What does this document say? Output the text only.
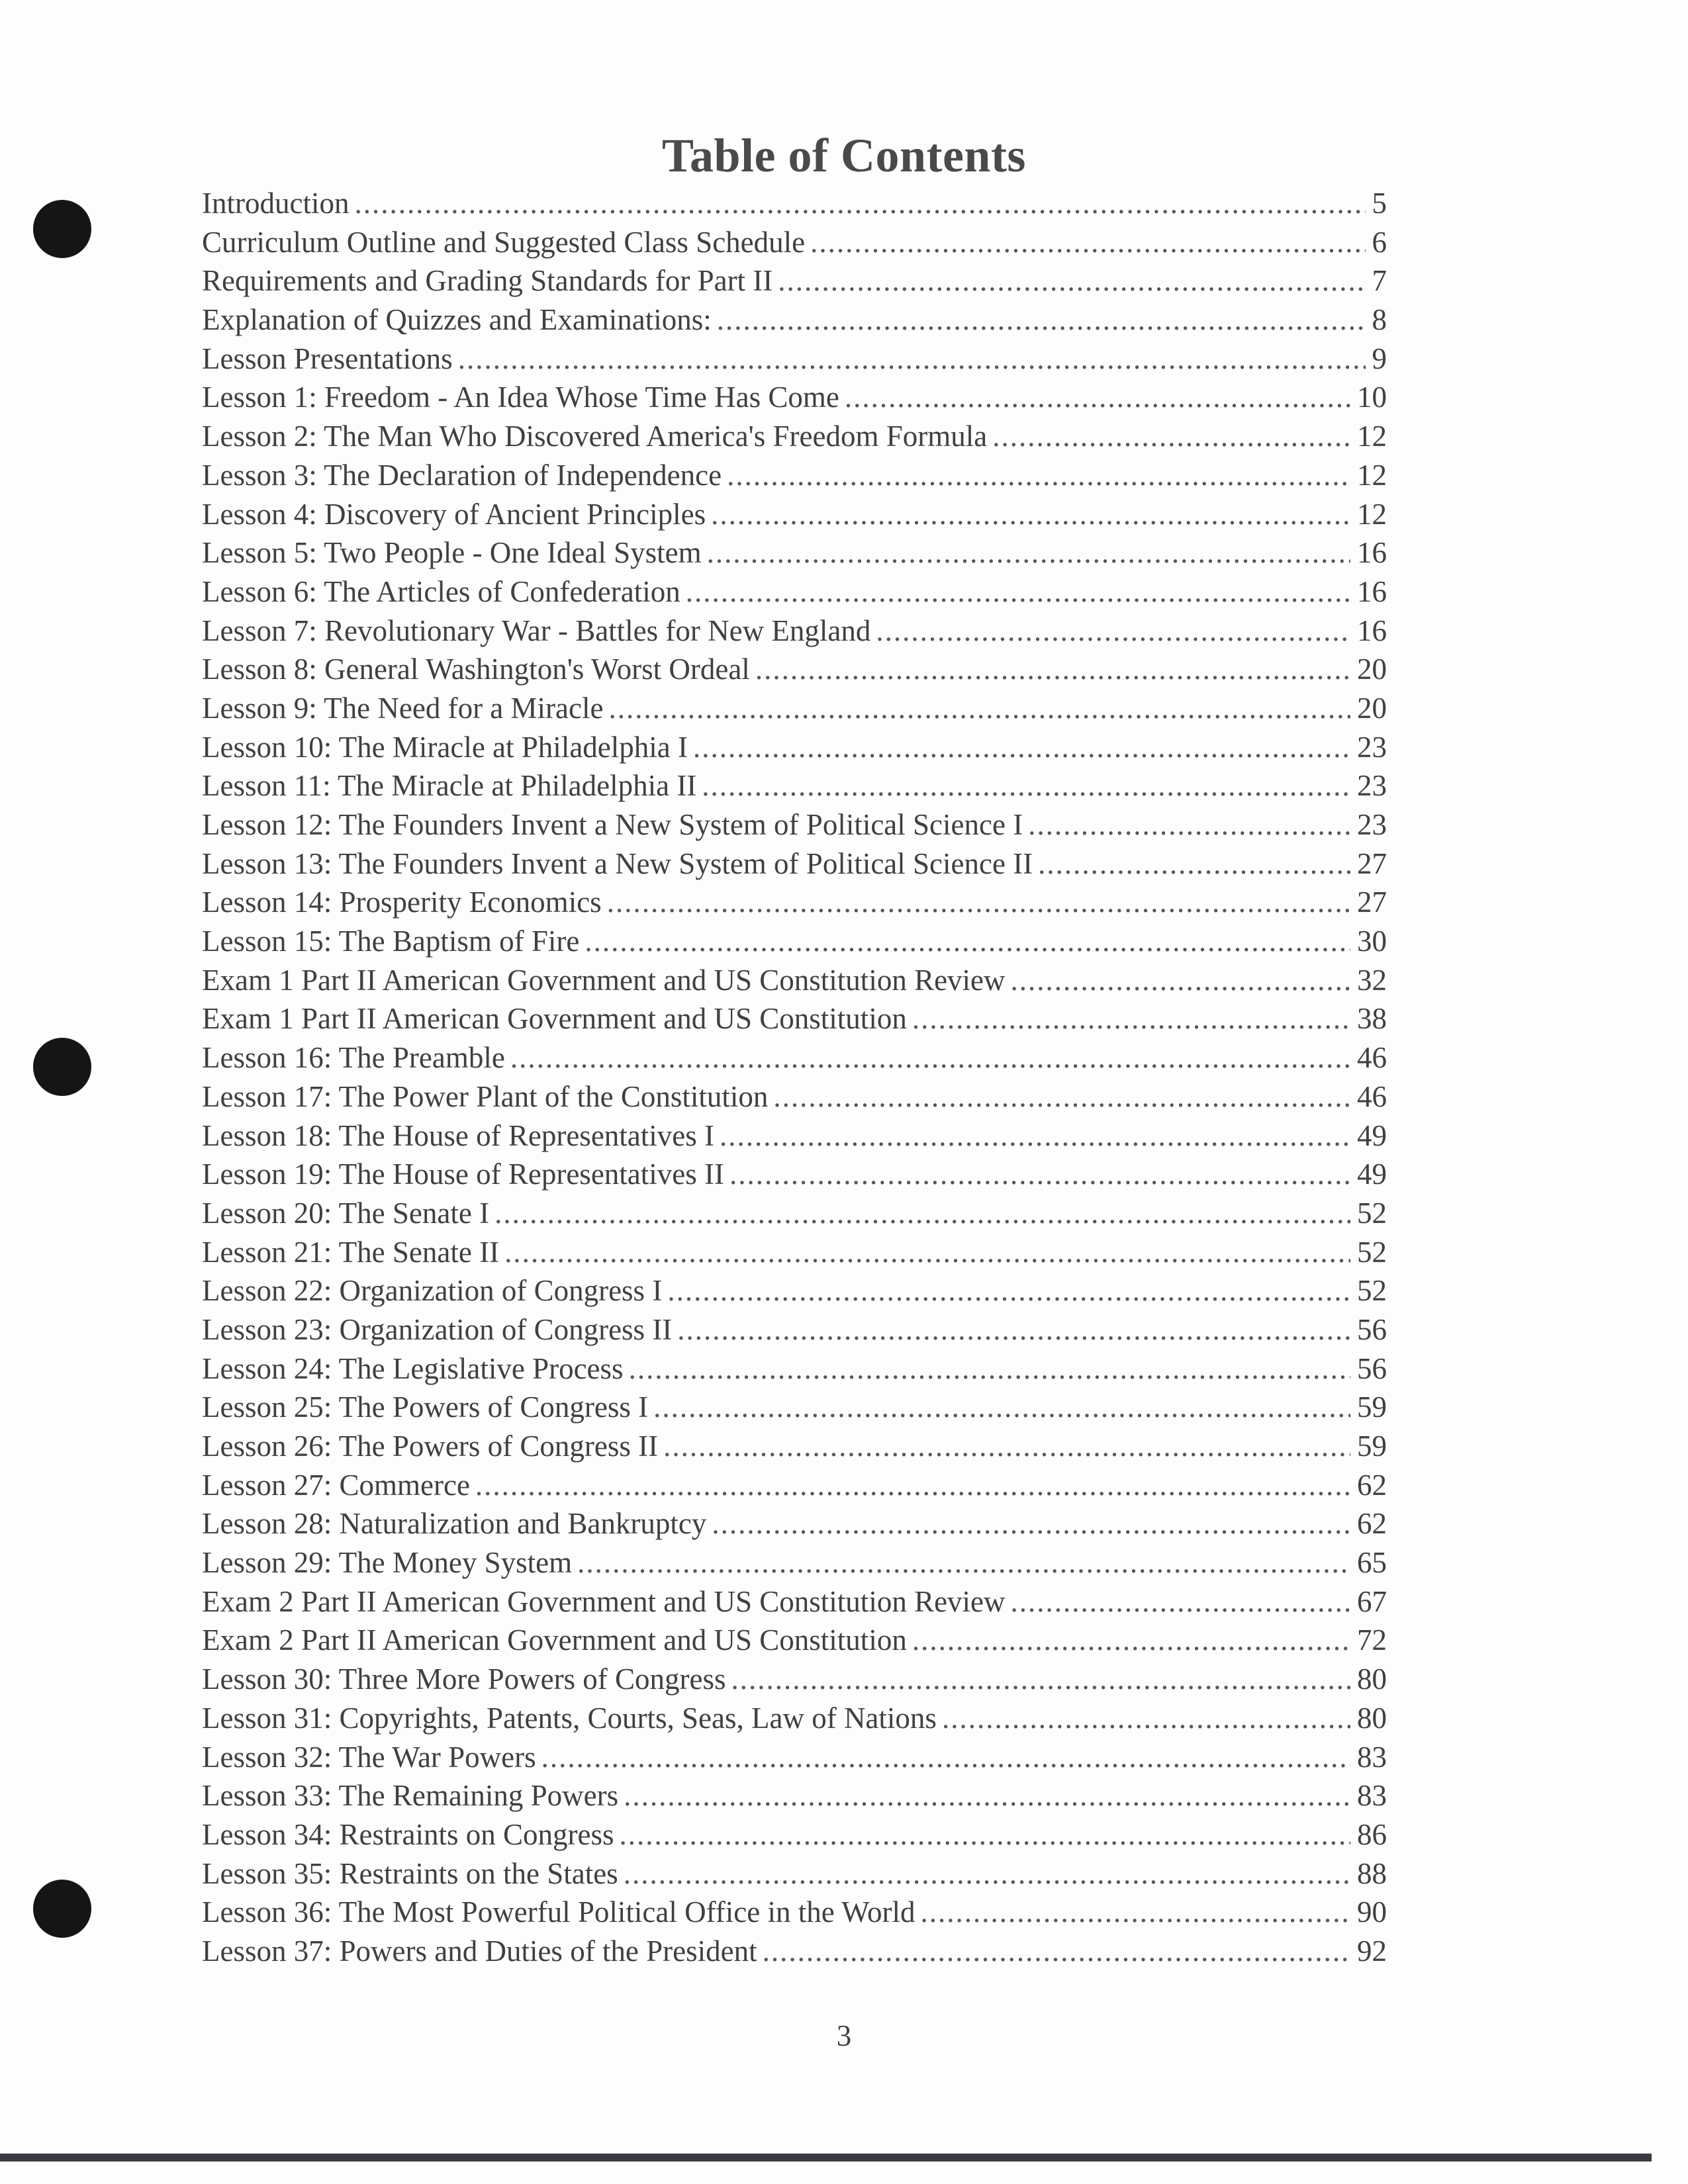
Table of Contents
Introduction .....	5
Curriculum Outline and Suggested Class Schedule .....	6
Requirements and Grading Standards for Part II .....	7
Explanation of Quizzes and Examinations: .....	8
Lesson Presentations .....	9
Lesson 1: Freedom - An Idea Whose Time Has Come .....	10
Lesson 2: The Man Who Discovered America's Freedom Formula .....	12
Lesson 3: The Declaration of Independence .....	12
Lesson 4: Discovery of Ancient Principles .....	12
Lesson 5: Two People - One Ideal System .....	16
Lesson 6: The Articles of Confederation .....	16
Lesson 7: Revolutionary War - Battles for New England .....	16
Lesson 8: General Washington's Worst Ordeal .....	20
Lesson 9: The Need for a Miracle .....	20
Lesson 10: The Miracle at Philadelphia I .....	23
Lesson 11: The Miracle at Philadelphia II .....	23
Lesson 12: The Founders Invent a New System of Political Science I .....	23
Lesson 13: The Founders Invent a New System of Political Science II .....	27
Lesson 14: Prosperity Economics .....	27
Lesson 15: The Baptism of Fire .....	30
Exam 1 Part II American Government and US Constitution Review .....	32
Exam 1 Part II American Government and US Constitution .....	38
Lesson 16: The Preamble .....	46
Lesson 17: The Power Plant of the Constitution .....	46
Lesson 18: The House of Representatives I .....	49
Lesson 19: The House of Representatives II .....	49
Lesson 20: The Senate I .....	52
Lesson 21: The Senate II .....	52
Lesson 22: Organization of Congress I .....	52
Lesson 23: Organization of Congress II .....	56
Lesson 24: The Legislative Process .....	56
Lesson 25: The Powers of Congress I .....	59
Lesson 26: The Powers of Congress II .....	59
Lesson 27: Commerce .....	62
Lesson 28: Naturalization and Bankruptcy .....	62
Lesson 29: The Money System .....	65
Exam 2 Part II American Government and US Constitution Review .....	67
Exam 2 Part II American Government and US Constitution .....	72
Lesson 30: Three More Powers of Congress .....	80
Lesson 31: Copyrights, Patents, Courts, Seas, Law of Nations .....	80
Lesson 32: The War Powers .....	83
Lesson 33: The Remaining Powers .....	83
Lesson 34: Restraints on Congress .....	86
Lesson 35: Restraints on the States .....	88
Lesson 36: The Most Powerful Political Office in the World .....	90
Lesson 37: Powers and Duties of the President .....	92
3
